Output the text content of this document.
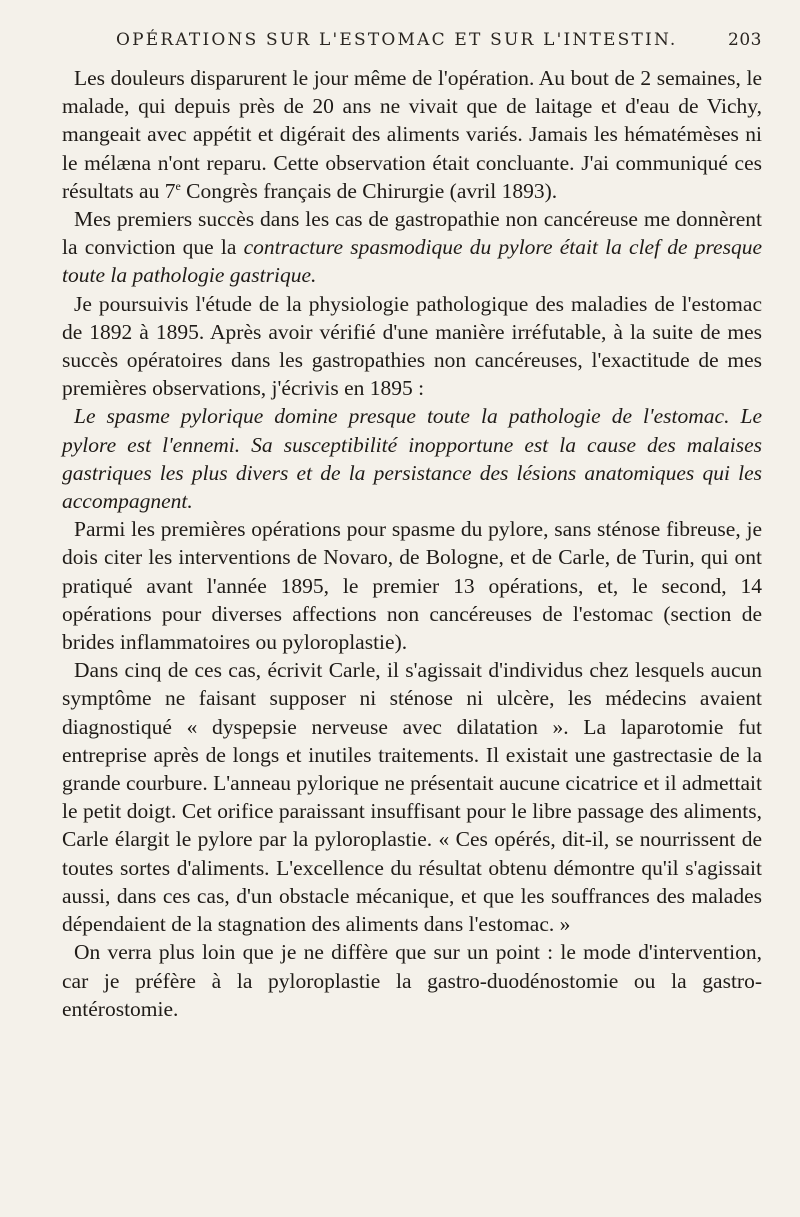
OPÉRATIONS SUR L'ESTOMAC ET SUR L'INTESTIN.	203

Les douleurs disparurent le jour même de l'opération. Au bout de 2 semaines, le malade, qui depuis près de 20 ans ne vivait que de laitage et d'eau de Vichy, mangeait avec appétit et digérait des aliments variés. Jamais les hématémèses ni le mélæna n'ont reparu. Cette observation était concluante. J'ai communiqué ces résultats au 7e Congrès français de Chirurgie (avril 1893).

Mes premiers succès dans les cas de gastropathie non cancéreuse me donnèrent la conviction que la contracture spasmodique du pylore était la clef de presque toute la pathologie gastrique.

Je poursuivis l'étude de la physiologie pathologique des maladies de l'estomac de 1892 à 1895. Après avoir vérifié d'une manière irréfutable, à la suite de mes succès opératoires dans les gastropathies non cancéreuses, l'exactitude de mes premières observations, j'écrivis en 1895 :

Le spasme pylorique domine presque toute la pathologie de l'estomac. Le pylore est l'ennemi. Sa susceptibilité inopportune est la cause des malaises gastriques les plus divers et de la persistance des lésions anatomiques qui les accompagnent.

Parmi les premières opérations pour spasme du pylore, sans sténose fibreuse, je dois citer les interventions de Novaro, de Bologne, et de Carle, de Turin, qui ont pratiqué avant l'année 1895, le premier 13 opérations, et, le second, 14 opérations pour diverses affections non cancéreuses de l'estomac (section de brides inflammatoires ou pyloroplastie).

Dans cinq de ces cas, écrivit Carle, il s'agissait d'individus chez lesquels aucun symptôme ne faisant supposer ni sténose ni ulcère, les médecins avaient diagnostiqué « dyspepsie nerveuse avec dilatation ». La laparotomie fut entreprise après de longs et inutiles traitements. Il existait une gastrectasie de la grande courbure. L'anneau pylorique ne présentait aucune cicatrice et il admettait le petit doigt. Cet orifice paraissant insuffisant pour le libre passage des aliments, Carle élargit le pylore par la pyloroplastie. « Ces opérés, dit-il, se nourrissent de toutes sortes d'aliments. L'excellence du résultat obtenu démontre qu'il s'agissait aussi, dans ces cas, d'un obstacle mécanique, et que les souffrances des malades dépendaient de la stagnation des aliments dans l'estomac. »

On verra plus loin que je ne diffère que sur un point : le mode d'intervention, car je préfère à la pyloroplastie la gastro-duodénostomie ou la gastro-entérostomie.
